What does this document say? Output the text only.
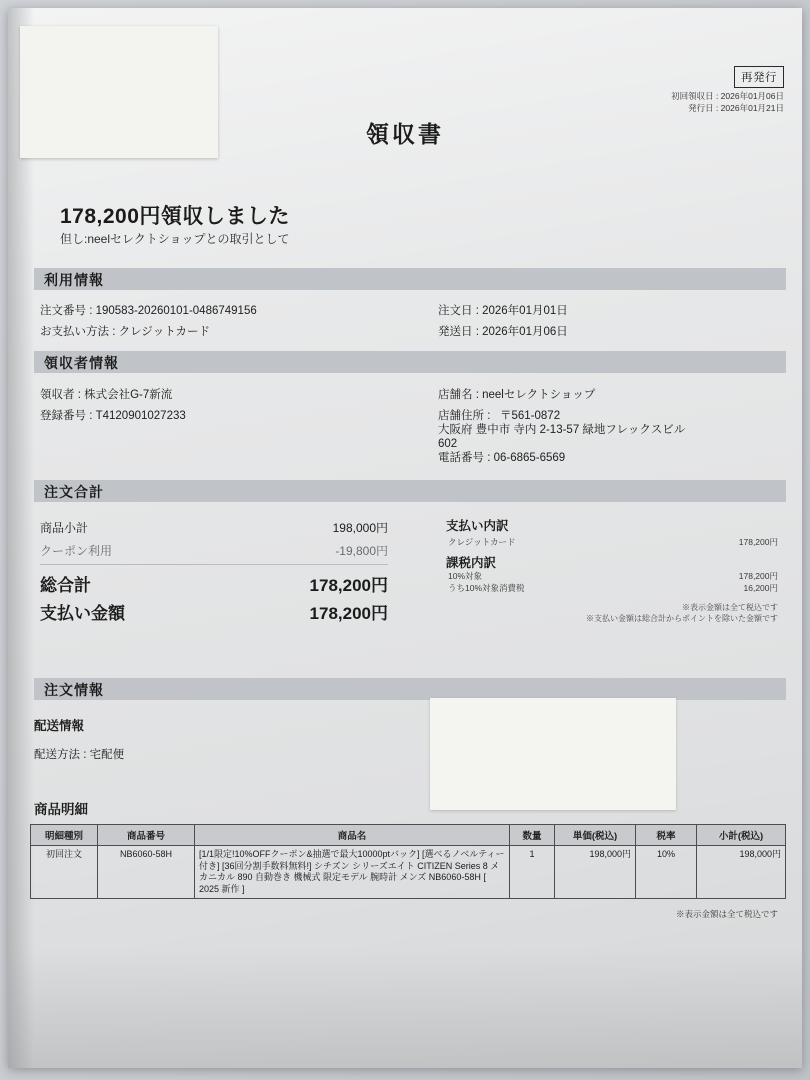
再発行
初回領収日 : 2026年01月06日
発行日 : 2026年01月21日
領収書
178,200円領収しました
但し:neelセレクトショップとの取引として
利用情報
注文番号 : 190583-20260101-0486749156
お支払い方法 : クレジットカード
注文日 : 2026年01月01日
発送日 : 2026年01月06日
領収者情報
領収者 : 株式会社G-7新流
登録番号 : T4120901027233
店舗名 : neelセレクトショップ
店舗住所 : 〒561-0872
大阪府 豊中市 寺内 2-13-57 緑地フレックスビル
602
電話番号 : 06-6865-6569
注文合計
商品小計	198,000円
クーポン利用	-19,800円
総合計	178,200円
支払い金額	178,200円
支払い内訳
クレジットカード	178,200円
課税内訳
10%対象	178,200円
うち10%対象消費税	16,200円
※表示金額は全て税込です
※支払い金額は総合計からポイントを除いた金額です
注文情報
配送情報
配送方法 : 宅配便
商品明細
明細種別	商品番号	商品名	数量	単価(税込)	税率	小計(税込)
初回注文	NB6060-58H	[1/1限定!10%OFFクーポン&抽選で最大10000ptバック] [選べるノベルティー付き] [36回分割手数料無料!] シチズン シリーズエイト CITIZEN Series 8 メカニカル 890 自動巻き 機械式 限定モデル 腕時計 メンズ NB6060-58H [ 2025 新作 ]	1	198,000円	10%	198,000円
※表示金額は全て税込です
